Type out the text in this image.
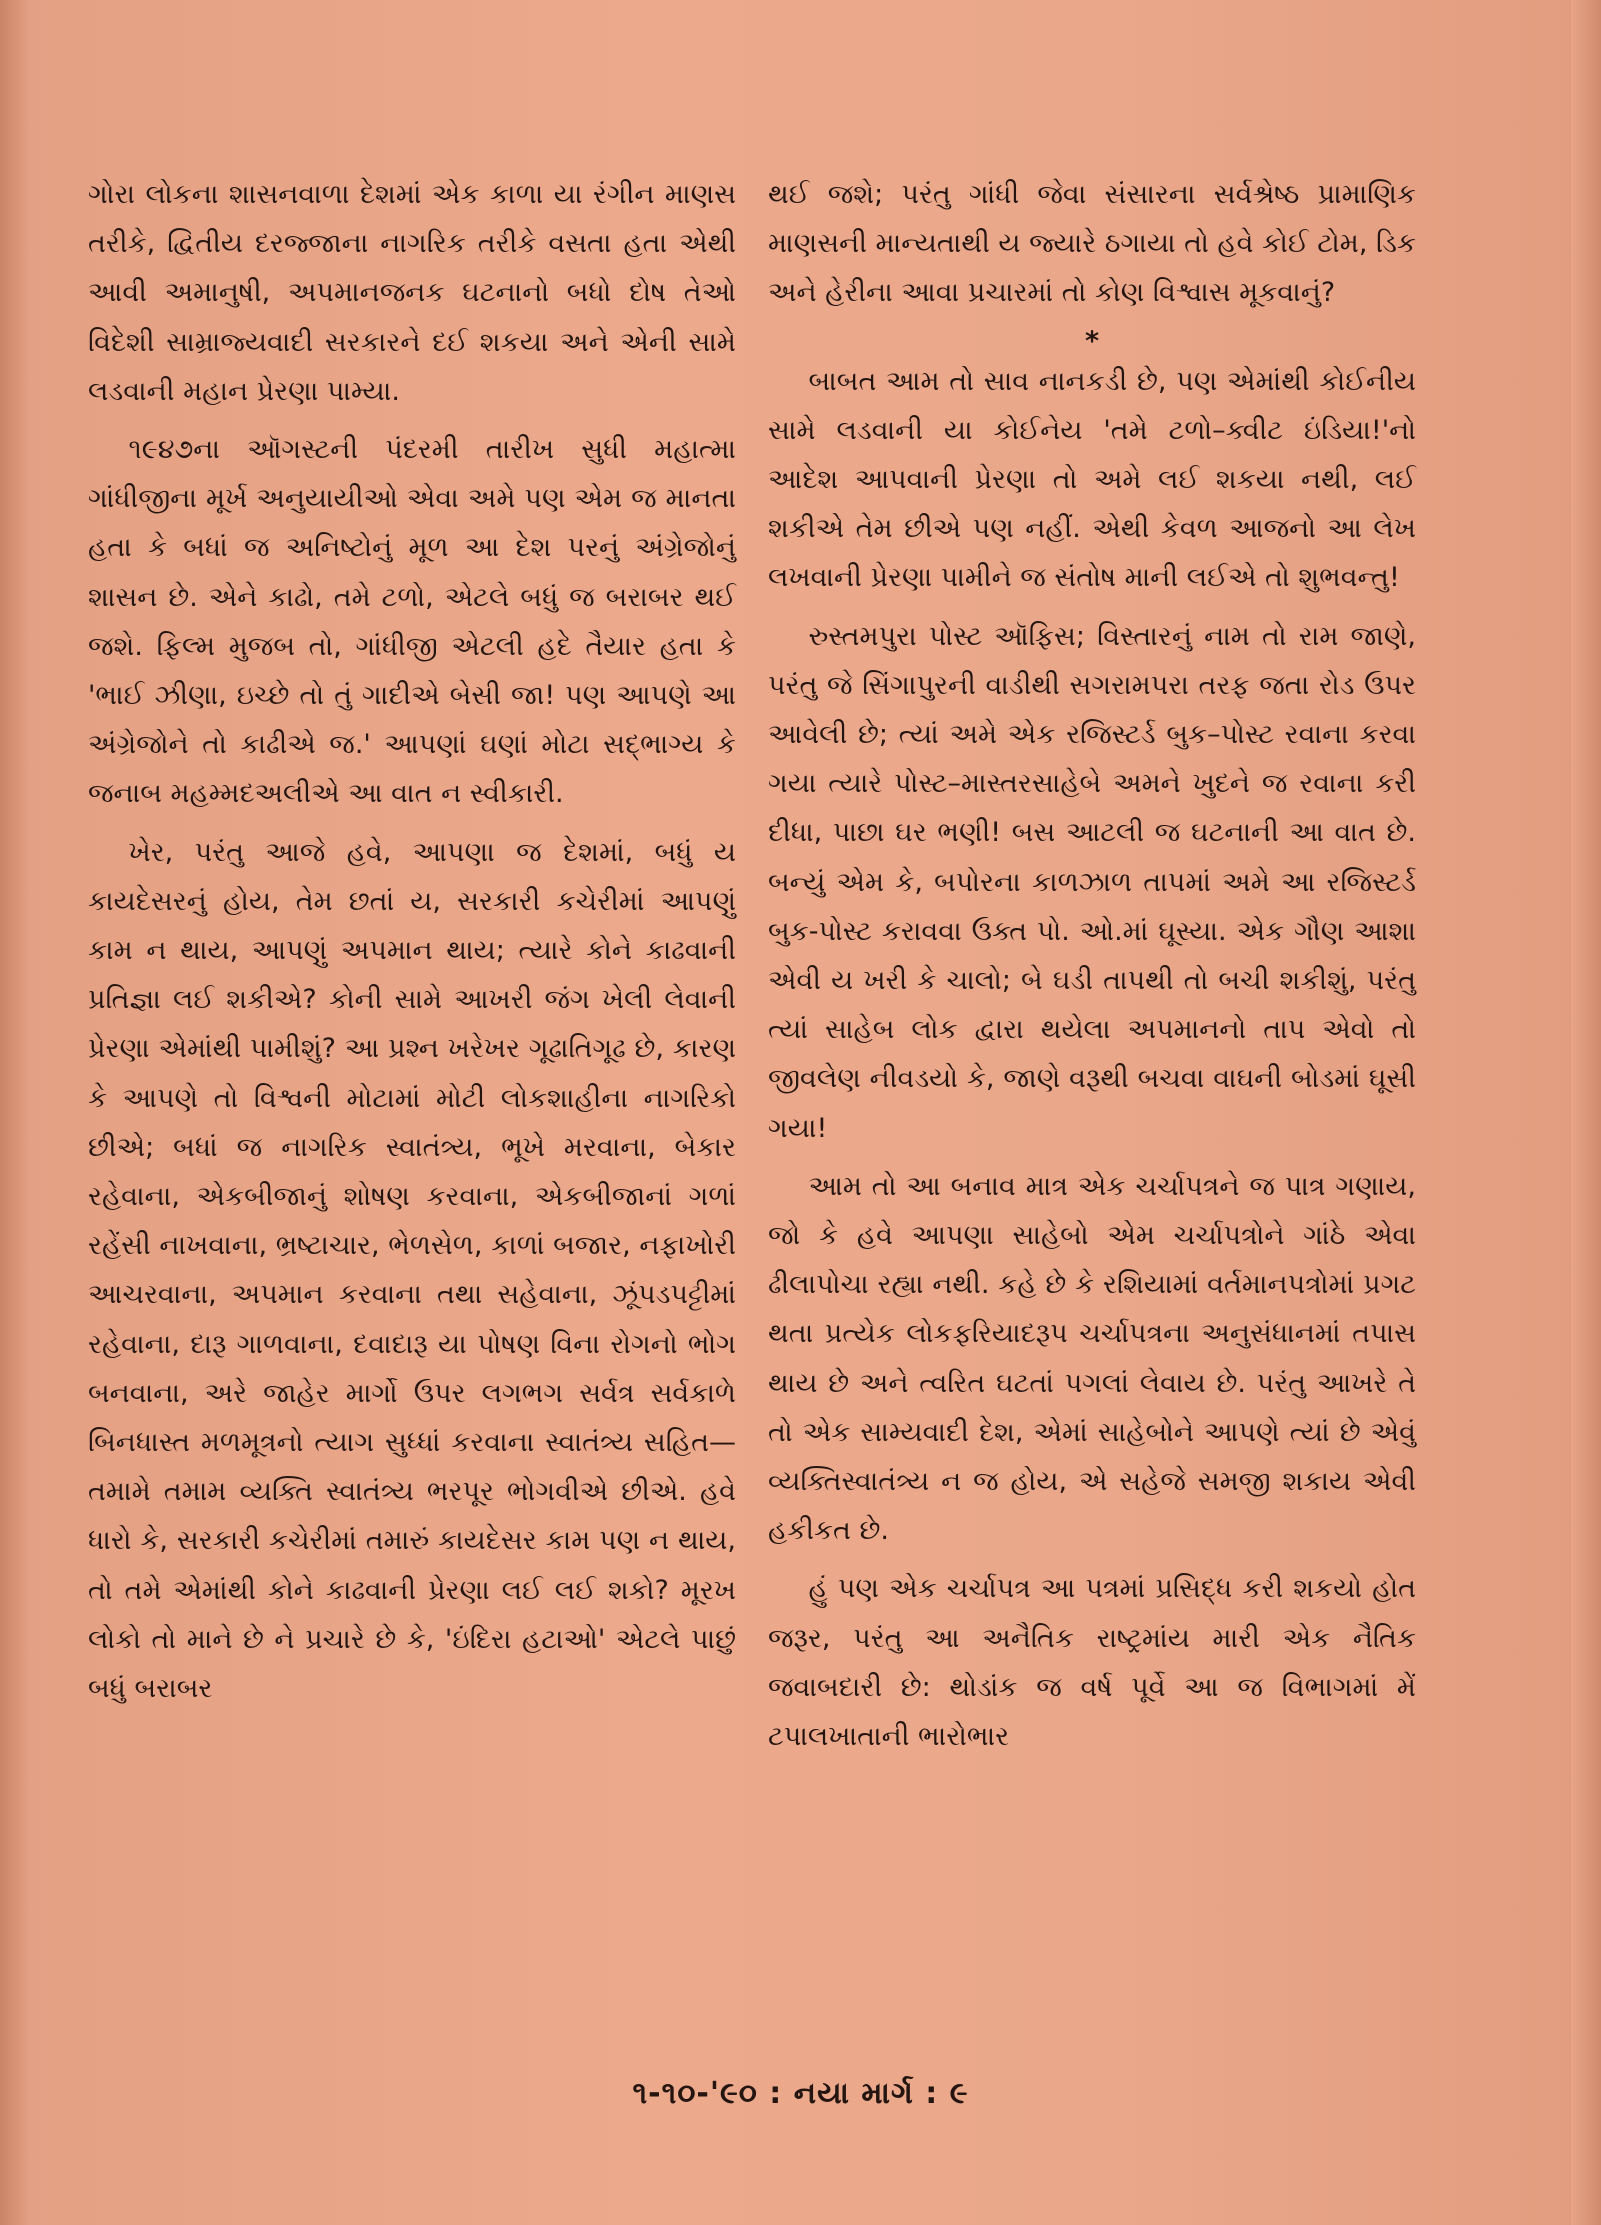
ગોરા લોકના શાસનવાળા દેશમાં એક કાળા યા રંગીન માણસ તરીકે, દ્વિતીય દરજ્જાના નાગરિક તરીકે વસતા હતા એથી આવી અમાનુષી, અપમાનજનક ઘટનાનો બધો દોષ તેઓ વિદેશી સામ્રાજ્યવાદી સરકારને દઈ શકયા અને એની સામે લડવાની મહાન પ્રેરણા પામ્યા.

૧૯૪૭ના ઑગસ્ટની પંદરમી તારીખ સુધી મહાત્મા ગાંધીજીના મૂર્ખ અનુયાયીઓ એવા અમે પણ એમ જ માનતા હતા કે બધાં જ અનિષ્ટોનું મૂળ આ દેશ પરનું અંગ્રેજોનું શાસન છે. એને કાઢો, તમે ટળો, એટલે બધું જ બરાબર થઈ જશે. ફિલ્મ મુજબ તો, ગાંધીજી એટલી હદે તૈયાર હતા કે 'ભાઈ ઝીણા, ઇચ્છે તો તું ગાદીએ બેસી જા! પણ આપણે આ અંગ્રેજોને તો કાઢીએ જ.' આપણાં ઘણાં મોટા સદ્‌ભાગ્ય કે જનાબ મહમ્મદઅલીએ આ વાત ન સ્વીકારી.

ખેર, પરંતુ આજે હવે, આપણા જ દેશમાં, બધું ય કાયદેસરનું હોય, તેમ છતાં ય, સરકારી કચેરીમાં આપણું કામ ન થાય, આપણું અપમાન થાય; ત્યારે કોને કાઢવાની પ્રતિજ્ઞા લઈ શકીએ? કોની સામે આખરી જંગ ખેલી લેવાની પ્રેરણા એમાંથી પામીશું? આ પ્રશ્ન ખરેખર ગૂઢાતિગૂઢ છે, કારણ કે આપણે તો વિશ્વની મોટામાં મોટી લોકશાહીના નાગરિકો છીએ; બધાં જ નાગરિક સ્વાતંત્ર્ય, ભૂખે મરવાના, બેકાર રહેવાના, એકબીજાનું શોષણ કરવાના, એકબીજાનાં ગળાં રહેંસી નાખવાના, ભ્રષ્ટાચાર, ભેળસેળ, કાળાં બજાર, નફાખોરી આચરવાના, અપમાન કરવાના તથા સહેવાના, ઝૂંપડપટ્ટીમાં રહેવાના, દારૂ ગાળવાના, દવાદારૂ યા પોષણ વિના રોગનો ભોગ બનવાના, અરે જાહેર માર્ગો ઉપર લગભગ સર્વત્ર સર્વકાળે બિનધાસ્ત મળમૂત્રનો ત્યાગ સુધ્ધાં કરવાના સ્વાતંત્ર્ય સહિત—તમામે તમામ વ્યક્તિ સ્વાતંત્ર્ય ભરપૂર ભોગવીએ છીએ. હવે ધારો કે, સરકારી કચેરીમાં તમારું કાયદેસર કામ પણ ન થાય, તો તમે એમાંથી કોને કાઢવાની પ્રેરણા લઈ લઈ શકો? મૂરખ લોકો તો માને છે ને પ્રચારે છે કે, 'ઇંદિરા હટાઓ' એટલે પાછું બધું બરાબર

થઈ જશે; પરંતુ ગાંધી જેવા સંસારના સર્વશ્રેષ્ઠ પ્રામાણિક માણસની માન્યતાથી ય જ્યારે ઠગાયા તો હવે કોઈ ટોમ, ડિક અને હેરીના આવા પ્રચારમાં તો કોણ વિશ્વાસ મૂકવાનું?

*

બાબત આમ તો સાવ નાનકડી છે, પણ એમાંથી કોઈનીય સામે લડવાની યા કોઈનેય 'તમે ટળો–ક્વીટ ઇંડિયા!'નો આદેશ આપવાની પ્રેરણા તો અમે લઈ શકયા નથી, લઈ શકીએ તેમ છીએ પણ નહીં. એથી કેવળ આજનો આ લેખ લખવાની પ્રેરણા પામીને જ સંતોષ માની લઈએ તો શુભવન્તુ!

રુસ્તમપુરા પોસ્ટ ઑફિસ; વિસ્તારનું નામ તો રામ જાણે, પરંતુ જે સિંગાપુરની વાડીથી સગરામપરા તરફ જતા રોડ ઉપર આવેલી છે; ત્યાં અમે એક રજિસ્ટર્ડ બુક–પોસ્ટ રવાના કરવા ગયા ત્યારે પોસ્ટ–માસ્તરસાહેબે અમને ખુદને જ રવાના કરી દીધા, પાછા ઘર ભણી! બસ આટલી જ ઘટનાની આ વાત છે. બન્યું એમ કે, બપોરના કાળઝાળ તાપમાં અમે આ રજિસ્ટર્ડ બુક-પોસ્ટ કરાવવા ઉક્ત પો. ઓ.માં ઘૂસ્યા. એક ગૌણ આશા એવી ય ખરી કે ચાલો; બે ઘડી તાપથી તો બચી શકીશું, પરંતુ ત્યાં સાહેબ લોક દ્વારા થયેલા અપમાનનો તાપ એવો તો જીવલેણ નીવડયો કે, જાણે વરૂથી બચવા વાઘની બોડમાં ઘૂસી ગયા!

આમ તો આ બનાવ માત્ર એક ચર્ચાપત્રને જ પાત્ર ગણાય, જો કે હવે આપણા સાહેબો એમ ચર્ચાપત્રોને ગાંઠે એવા ઢીલાપોચા રહ્યા નથી. કહે છે કે રશિયામાં વર્તમાનપત્રોમાં પ્રગટ થતા પ્રત્યેક લોકફરિયાદરૂપ ચર્ચાપત્રના અનુસંધાનમાં તપાસ થાય છે અને ત્વરિત ઘટતાં પગલાં લેવાય છે. પરંતુ આખરે તે તો એક સામ્યવાદી દેશ, એમાં સાહેબોને આપણે ત્યાં છે એવું વ્યક્તિસ્વાતંત્ર્ય ન જ હોય, એ સહેજે સમજી શકાય એવી હકીકત છે.

હું પણ એક ચર્ચાપત્ર આ પત્રમાં પ્રસિદ્ધ કરી શકયો હોત જરૂર, પરંતુ આ અનૈતિક રાષ્ટ્રમાંય મારી એક નૈતિક જવાબદારી છે: થોડાંક જ વર્ષ પૂર્વે આ જ વિભાગમાં મેં ટપાલખાતાની ભારોભાર

૧-૧૦-'૯૦ : નયા માર્ગ : ૯
